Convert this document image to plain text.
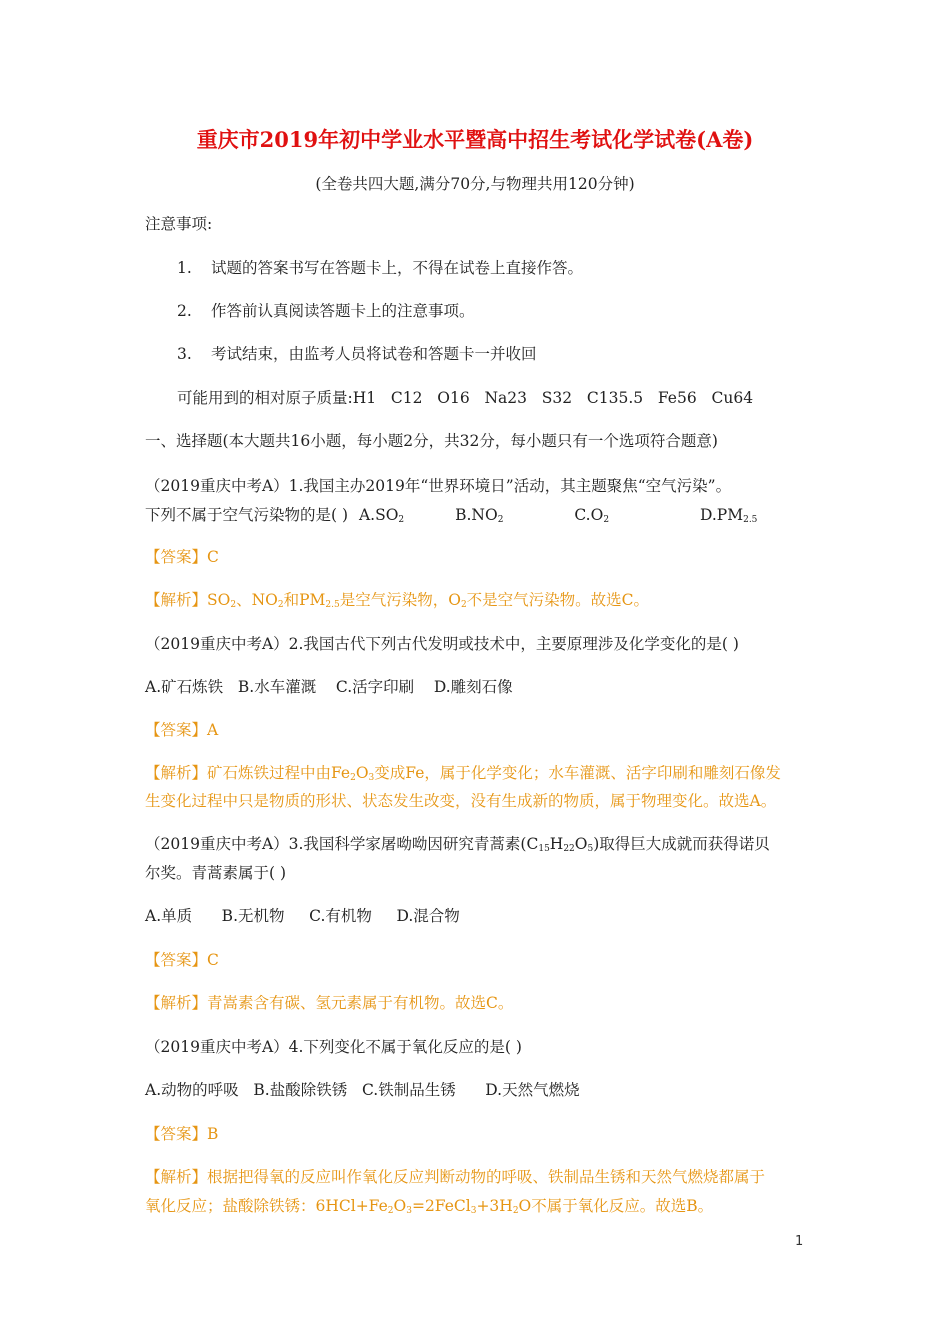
重庆市2019年初中学业水平暨高中招生考试化学试卷(A卷)
(全卷共四大题,满分70分,与物理共用120分钟)
注意事项:
1. 试题的答案书写在答题卡上，不得在试卷上直接作答。
2. 作答前认真阅读答题卡上的注意事项。
3. 考试结束，由监考人员将试卷和答题卡一并收回
可能用到的相对原子质量:H1   C12   O16   Na23   S32   C135.5   Fe56   Cu64
一、选择题(本大题共16小题，每小题2分，共32分，每小题只有一个选项符合题意)
（2019重庆中考A）1.我国主办2019年“世界环境日”活动，其主题聚焦“空气污染”。
下列不属于空气污染物的是( ) $A.SO_2$	$B.NO_2$	$C.O_2$	$D.PM_{2.5}$
【答案】C
【解析】$SO_2$、$NO_2$和$PM_{2.5}$是空气污染物，$O_2$不是空气污染物。故选C。
（2019重庆中考A）2.我国古代下列古代发明或技术中，主要原理涉及化学变化的是( )
A.矿石炼铁   B.水车灌溉    C.活字印刷    D.雕刻石像
【答案】A
【解析】矿石炼铁过程中由$Fe_2O_3$变成Fe，属于化学变化；水车灌溉、活字印刷和雕刻石像发
生变化过程中只是物质的形状、状态发生改变，没有生成新的物质，属于物理变化。故选A。
（2019重庆中考A）3.我国科学家屠呦呦因研究青蒿素$(C_{15}H_{22}O_5)$取得巨大成就而获得诺贝
尔奖。青蒿素属于( )
A.单质      B.无机物     C.有机物     D.混合物
【答案】C
【解析】青嵩素含有碳、氢元素属于有机物。故选C。
（2019重庆中考A）4.下列变化不属于氧化反应的是( )
A.动物的呼吸   B.盐酸除铁锈   C.铁制品生锈      D.天然气燃烧
【答案】B
【解析】根据把得氧的反应叫作氧化反应判断动物的呼吸、铁制品生锈和天然气燃烧都属于
氧化反应；盐酸除铁锈：$6HCl+Fe_2O_3=2FeCl_3+3H_2O$不属于氧化反应。故选B。
1
